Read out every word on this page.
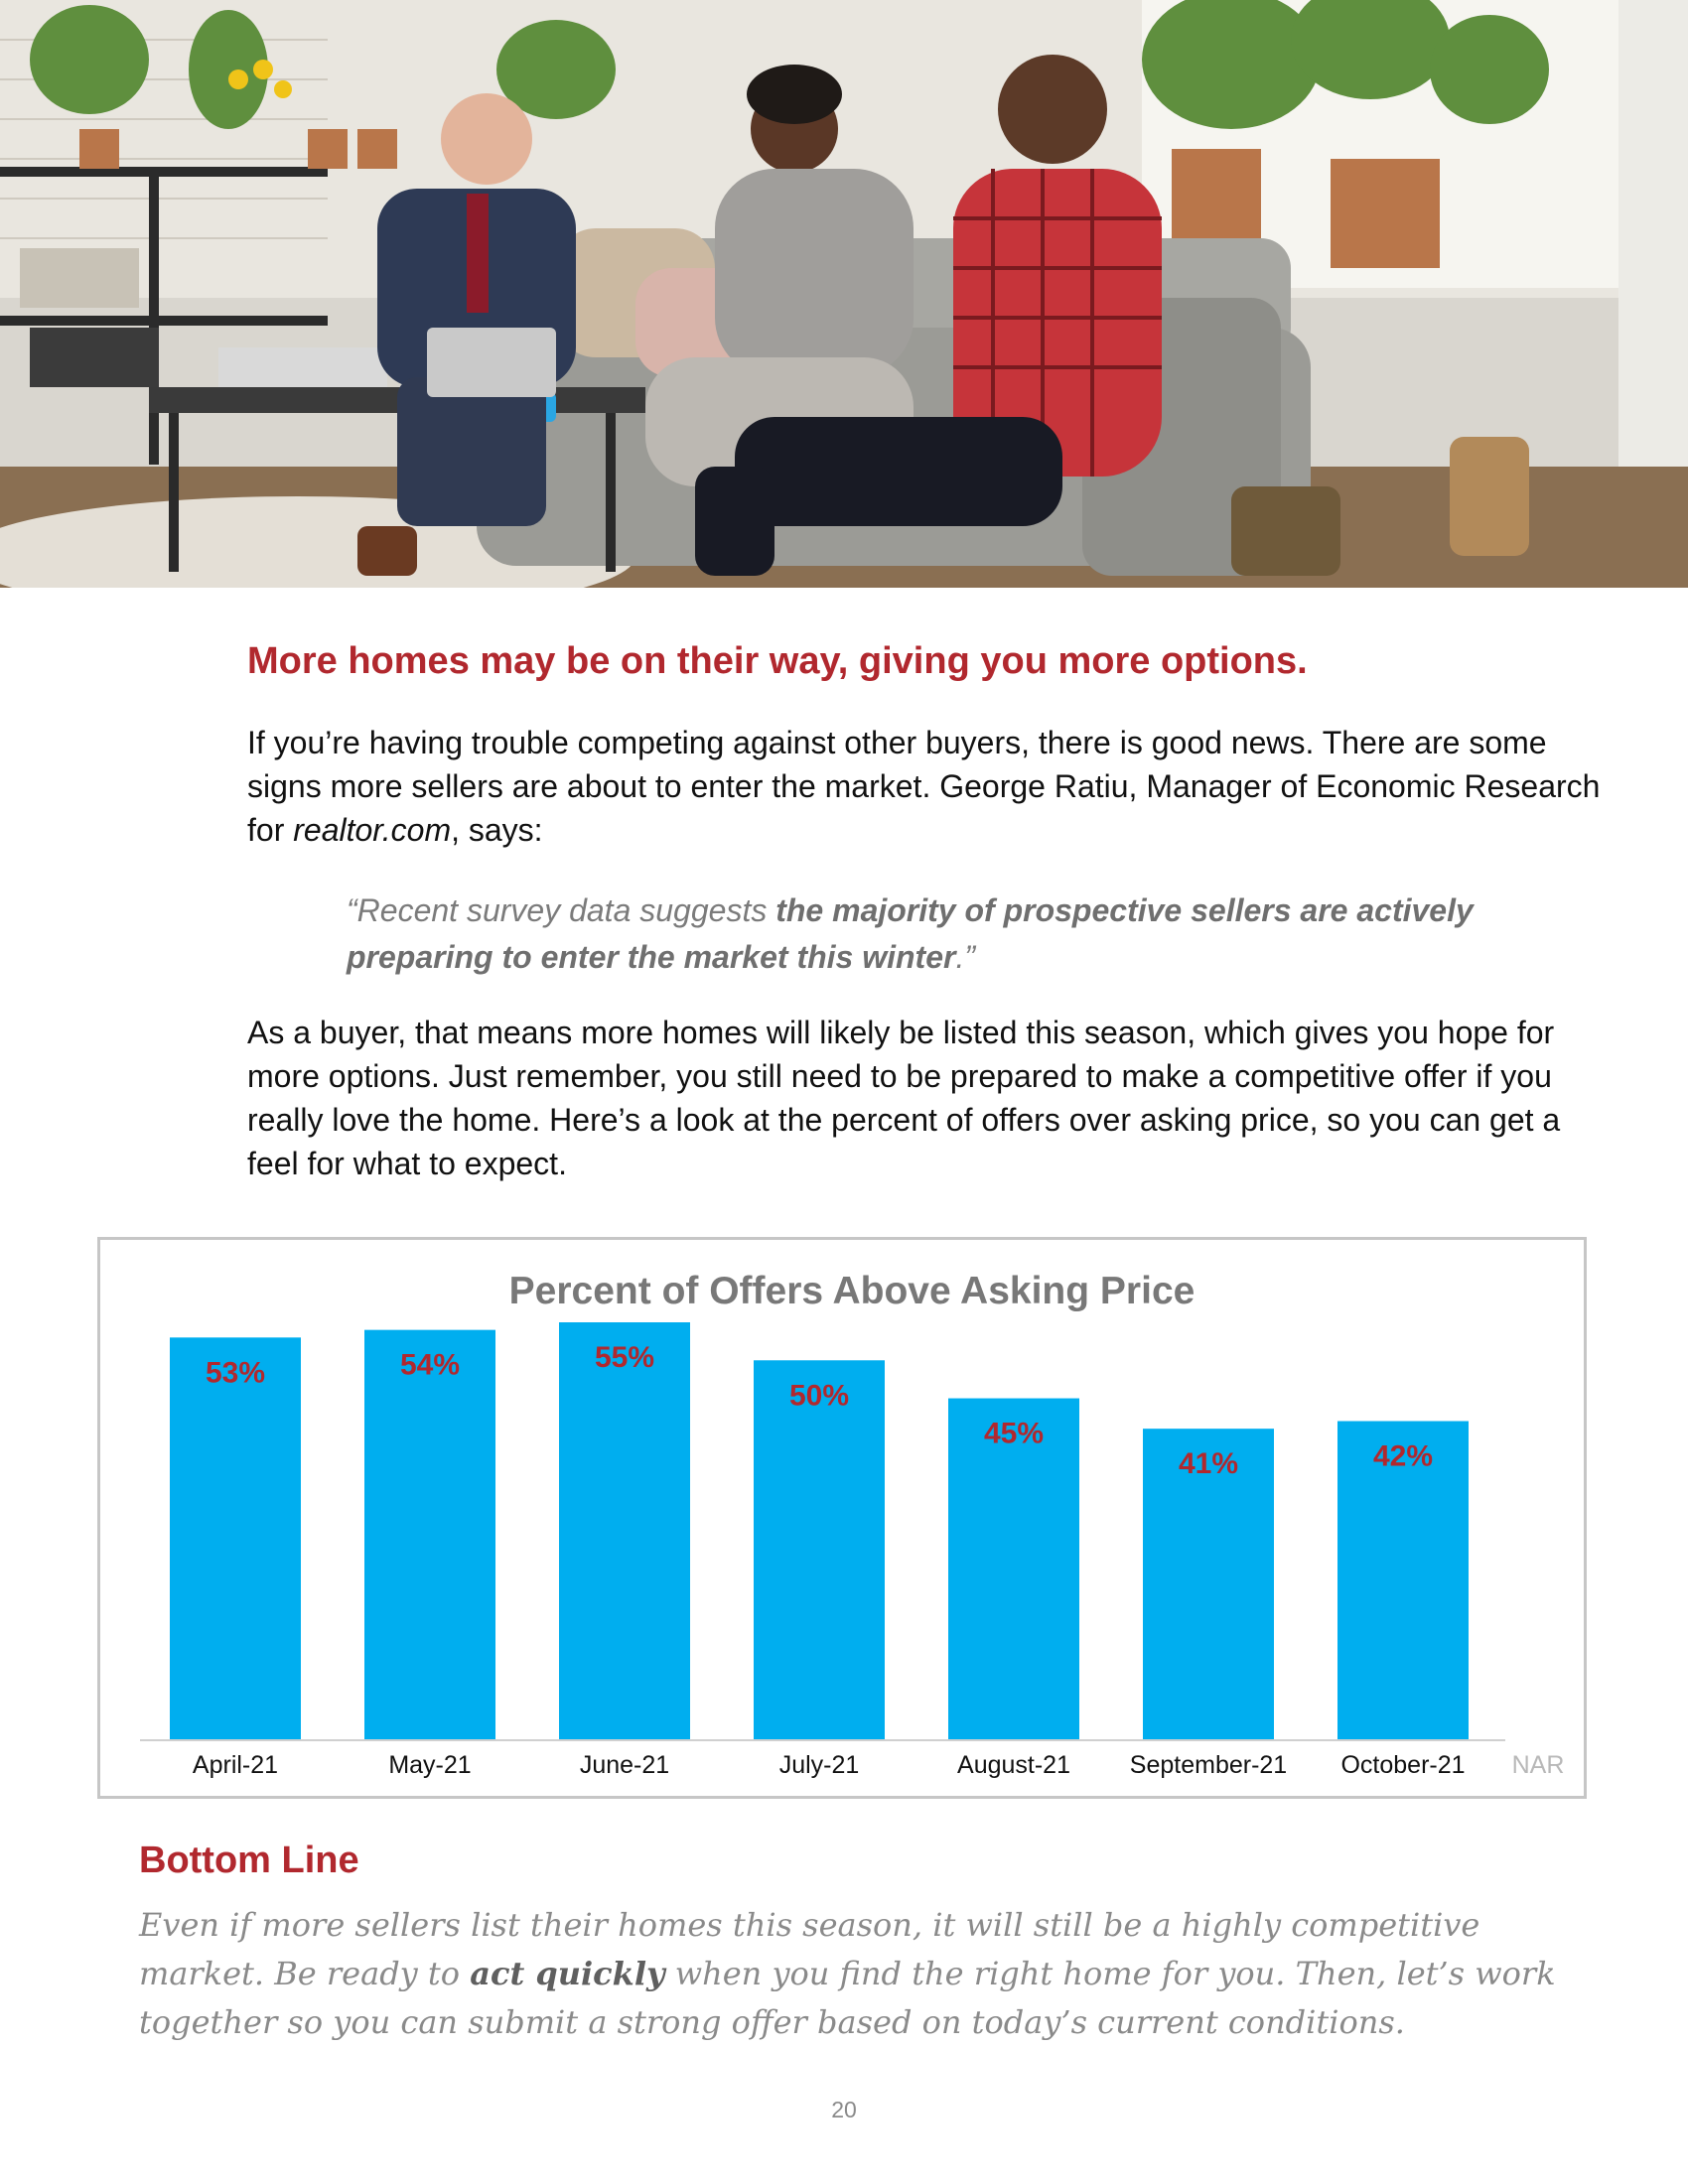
More homes may be on their way, giving you more options.

If you’re having trouble competing against other buyers, there is good news. There are some signs more sellers are about to enter the market. George Ratiu, Manager of Economic Research for realtor.com, says:

“Recent survey data suggests the majority of prospective sellers are actively preparing to enter the market this winter.”

As a buyer, that means more homes will likely be listed this season, which gives you hope for more options. Just remember, you still need to be prepared to make a competitive offer if you really love the home. Here’s a look at the percent of offers over asking price, so you can get a feel for what to expect.

Percent of Offers Above Asking Price
53%	54%	55%
50%
45%
41%	42%
April-21	May-21	June-21	July-21	August-21 September-21 October-21 NAR
Bottom Line

Even if more sellers list their homes this season, it will still be a highly competitive market. Be ready to act quickly when you find the right home for you. Then, let’s work together so you can submit a strong offer based on today’s current conditions.

20
